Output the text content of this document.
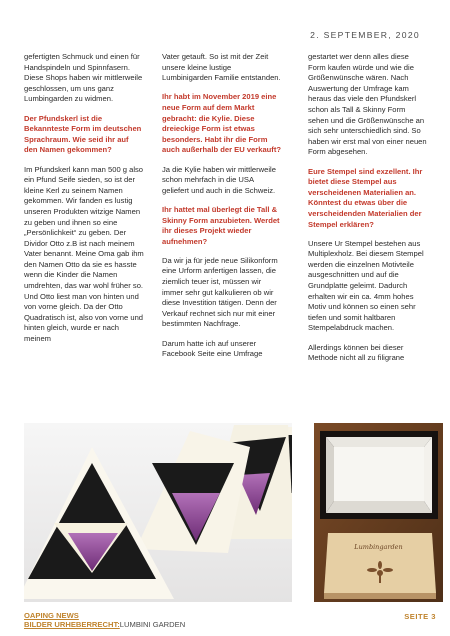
2. SEPTEMBER, 2020

gefertigten Schmuck und einen für Handspindeln und Spinnfasern. Diese Shops haben wir mittlerweile geschlossen, um uns ganz Lumbingarden zu widmen.

Der Pfundskerl ist die Bekannteste Form im deutschen Sprachraum. Wie seid ihr auf den Namen gekommen?

Im Pfundskerl kann man 500 g also ein Pfund Seife sieden, so ist der kleine Kerl zu seinem Namen gekommen. Wir fanden es lustig unseren Produkten witzige Namen zu geben und ihnen so eine „Persönlichkeit“ zu geben. Der Dividor Otto z.B ist nach meinem Vater benannt. Meine Oma gab ihm den Namen Otto da sie es hasste wenn die Kinder die Namen umdrehten, das war wohl früher so. Und Otto liest man von hinten und von vorne gleich. Da der Otto Quadratisch ist, also von vorne und hinten gleich, wurde er nach meinem

Vater getauft. So ist mit der Zeit unsere kleine lustige Lumbinigarden Familie entstanden.

Ihr habt im November 2019 eine neue Form auf dem Markt gebracht: die Kylie. Diese dreieckige Form ist etwas besonders. Habt ihr die Form auch außerhalb der EU verkauft?

Ja die Kylie haben wir mittlerweile schon mehrfach in die USA geliefert und auch in die Schweiz.

Ihr hattet mal überlegt die Tall & Skinny Form anzubieten. Werdet ihr dieses Projekt wieder aufnehmen?

Da wir ja für jede neue Silikonform eine Urform anfertigen lassen, die ziemlich teuer ist, müssen wir immer sehr gut kalkulieren ob wir diese Investition tätigen. Denn der Verkauf rechnet sich nur mit einer bestimmten Nachfrage.

Darum hatte ich auf unserer Facebook Seite eine Umfrage

gestartet wer denn alles diese Form kaufen würde und wie die Größenwünsche wären. Nach Auswertung der Umfrage kam heraus das viele den Pfundskerl schon als Tall & Skinny Form sehen und die Größenwünsche an sich sehr unterschiedlich sind. So haben wir erst mal von einer neuen Form abgesehen.

Eure Stempel sind exzellent. Ihr bietet diese Stempel aus verscheidenen Materialien an. Könntest du etwas über die verscheidenden Materialien der Stempel erklären?

Unsere Ur Stempel bestehen aus Multiplexholz. Bei diesem Stempel werden die einzelnen Motivteile ausgeschnitten und auf die Grundplatte geleimt. Dadurch erhalten wir ein ca. 4mm hohes Motiv und können so einen sehr tiefen und somit haltbaren Stempelabdruck machen.

Allerdings können bei dieser Methode nicht all zu filigrane

Lumbingarden
OAPING NEWS
BILDER URHEBERRECHT:LUMBINI GARDEN
SEITE 3
